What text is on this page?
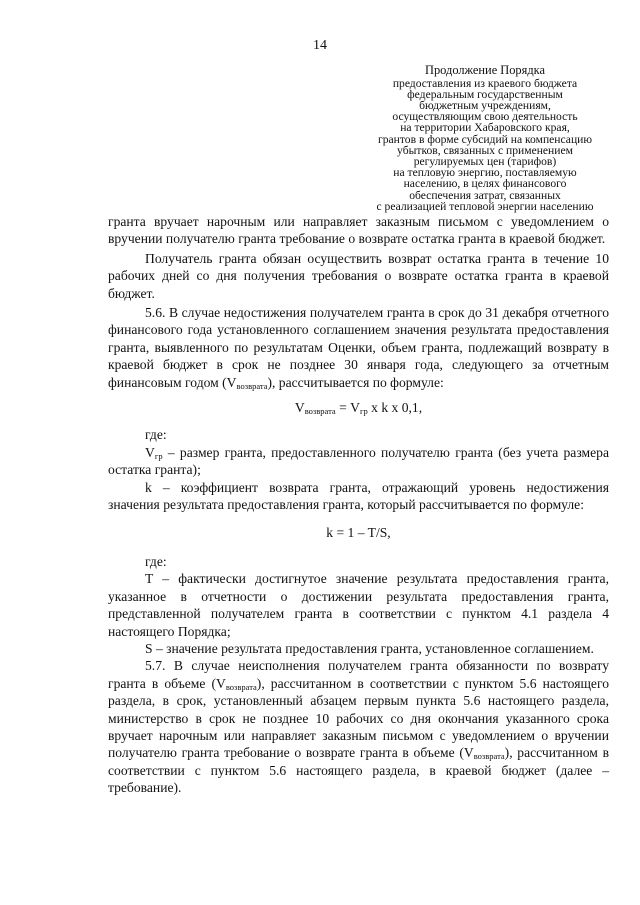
14
Продолжение Порядка
предоставления из краевого бюджета
федеральным государственным
бюджетным учреждениям,
осуществляющим свою деятельность
на территории Хабаровского края,
грантов в форме субсидий на компенсацию
убытков, связанных с применением
регулируемых цен (тарифов)
на тепловую энергию, поставляемую
населению, в целях финансового
обеспечения затрат, связанных
с реализацией тепловой энергии населению

гранта вручает нарочным или направляет заказным письмом с уведомлением о вручении получателю гранта требование о возврате остатка гранта в краевой бюджет.

Получатель гранта обязан осуществить возврат остатка гранта в течение 10 рабочих дней со дня получения требования о возврате остатка гранта в краевой бюджет.

5.6. В случае недостижения получателем гранта в срок до 31 декабря отчетного финансового года установленного соглашением значения результата предоставления гранта, выявленного по результатам Оценки, объем гранта, подлежащий возврату в краевой бюджет в срок не позднее 30 января года, следующего за отчетным финансовым годом $(V_{возврата})$, рассчитывается по формуле:

$V_{возврата} = V_{гр}$ x k x 0,1,

где:

$V_{гр}$ – размер гранта, предоставленного получателю гранта (без учета размера остатка гранта);

k – коэффициент возврата гранта, отражающий уровень недостижения значения результата предоставления гранта, который рассчитывается по формуле:

k = 1 – T/S,

где:

T – фактически достигнутое значение результата предоставления гранта, указанное в отчетности о достижении результата предоставления гранта, представленной получателем гранта в соответствии с пунктом 4.1 раздела 4 настоящего Порядка;

S – значение результата предоставления гранта, установленное соглашением.

5.7. В случае неисполнения получателем гранта обязанности по возврату гранта в объеме $(V_{возврата})$, рассчитанном в соответствии с пунктом 5.6 настоящего раздела, в срок, установленный абзацем первым пункта 5.6 настоящего раздела, министерство в срок не позднее 10 рабочих со дня окончания указанного срока вручает нарочным или направляет заказным письмом с уведомлением о вручении получателю гранта требование о возврате гранта в объеме $(V_{возврата})$, рассчитанном в соответствии с пунктом 5.6 настоящего раздела, в краевой бюджет (далее – требование).
